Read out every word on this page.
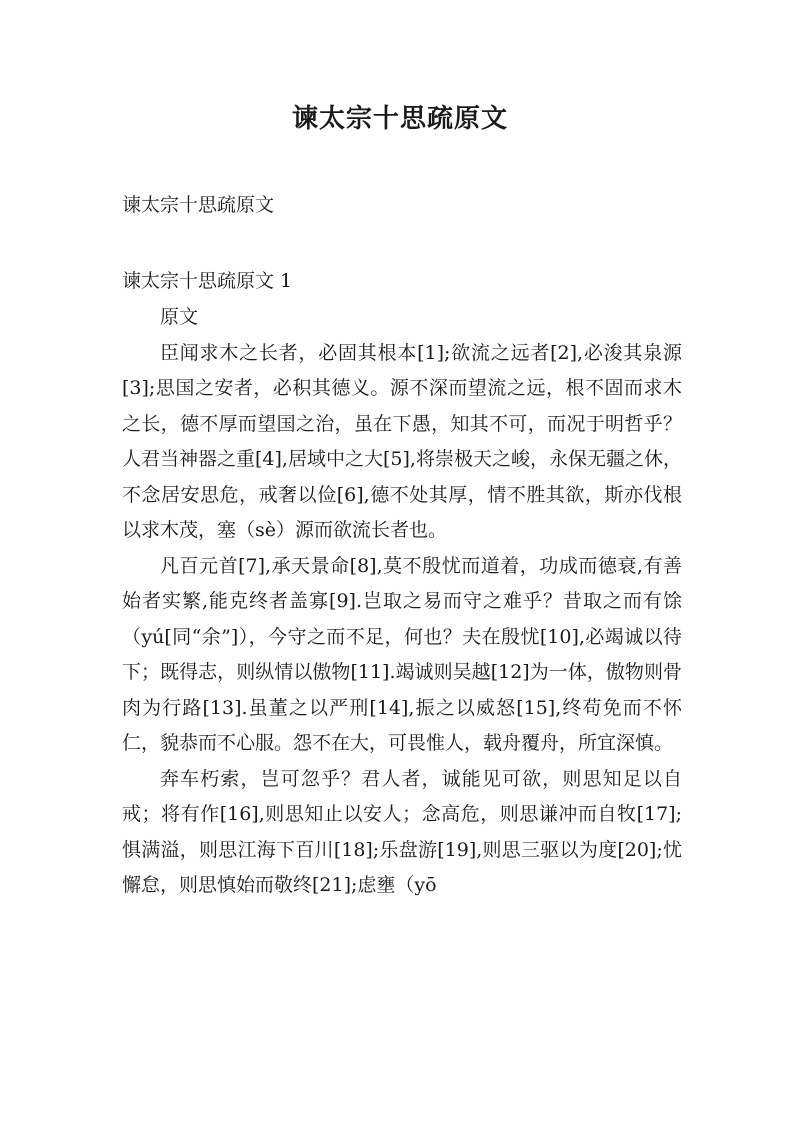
谏太宗十思疏原文
谏太宗十思疏原文
谏太宗十思疏原文 1

原文

臣闻求木之长者，必固其根本[1];欲流之远者[2],必浚其泉源[3];思国之安者，必积其德义。源不深而望流之远，根不固而求木之长，德不厚而望国之治，虽在下愚，知其不可，而况于明哲乎？人君当神器之重[4],居域中之大[5],将崇极天之峻，永保无疆之休，不念居安思危，戒奢以俭[6],德不处其厚，情不胜其欲，斯亦伐根以求木茂，塞（sè）源而欲流长者也。

凡百元首[7],承天景命[8],莫不殷忧而道着，功成而德衰,有善始者实繁,能克终者盖寡[9].岂取之易而守之难乎？昔取之而有馀（yú[同“余”]），今守之而不足，何也？夫在殷忧[10],必竭诚以待下；既得志，则纵情以傲物[11].竭诚则吴越[12]为一体，傲物则骨肉为行路[13].虽董之以严刑[14],振之以威怒[15],终苟免而不怀仁，貌恭而不心服。怨不在大，可畏惟人，载舟覆舟，所宜深慎。

奔车朽索，岂可忽乎？君人者，诚能见可欲，则思知足以自戒；将有作[16],则思知止以安人；念高危，则思谦冲而自牧[17];惧满溢，则思江海下百川[18];乐盘游[19],则思三驱以为度[20];忧懈怠，则思慎始而敬终[21];虑壅（yō
